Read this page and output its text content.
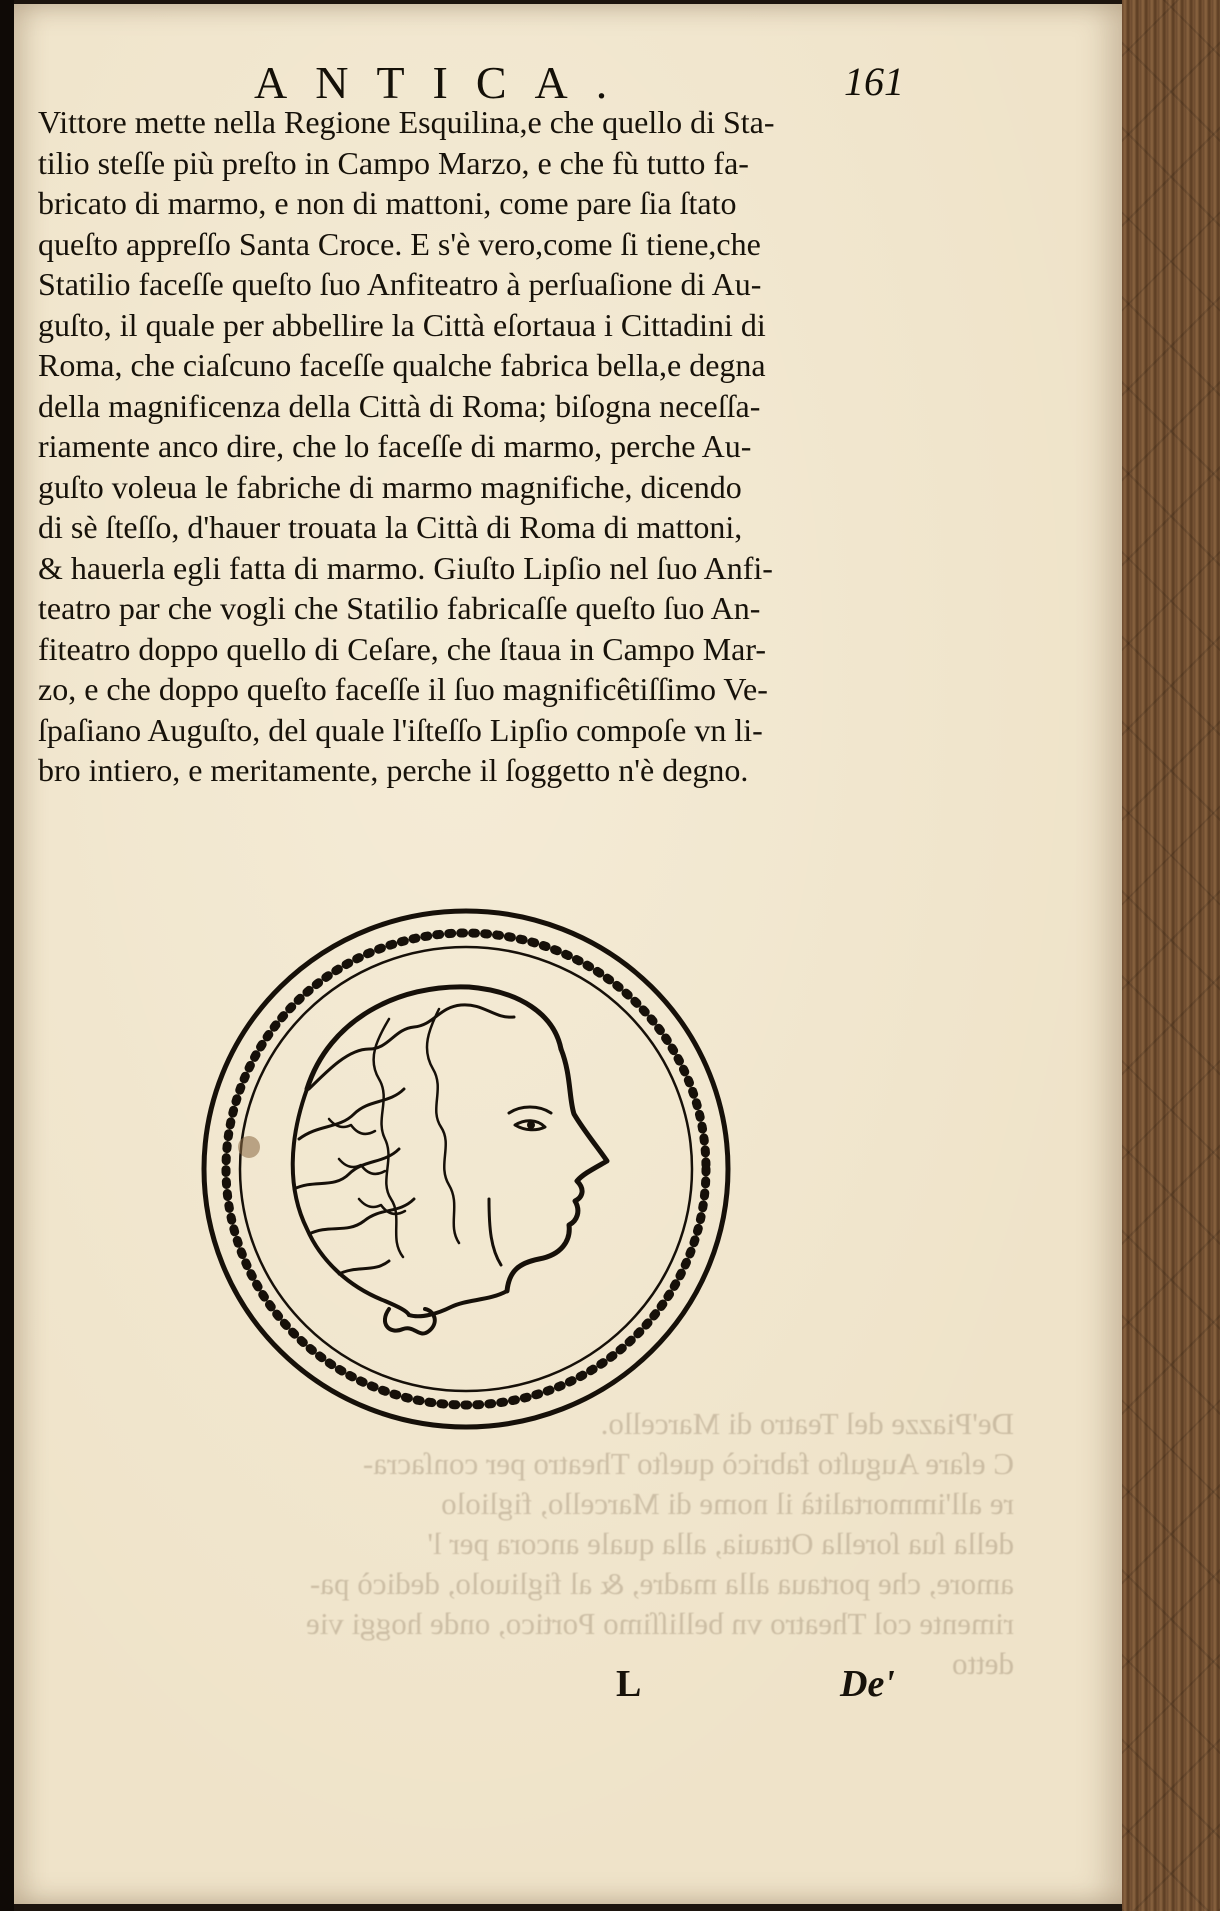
De'Piazze del Teatro di Marcello.
C eſare Auguſto fabricò queſto Theatro per conſacra-
re all'immortalità il nome di Marcello, figliolo
della ſua ſorella Ottauia, alla quale ancora per l'
amore, che portaua alla madre, & al figliuolo, dedicò pa-
rimente col Theatro vn belliſſimo Portico, onde hoggi vie
detto
ANTICA.	161
Vittore mette nella Regione Esquilina,e che quello di Sta-
tilio steſſe più preſto in Campo Marzo, e che fù tutto fa-
bricato di marmo, e non di mattoni, come pare ſia ſtato
queſto appreſſo Santa Croce. E s'è vero,come ſi tiene,che
Statilio faceſſe queſto ſuo Anfiteatro à perſuaſione di Au-
guſto, il quale per abbellire la Città eſortaua i Cittadini di
Roma, che ciaſcuno faceſſe qualche fabrica bella,e degna
della magnificenza della Città di Roma; biſogna neceſſa-
riamente anco dire, che lo faceſſe di marmo, perche Au-
guſto voleua le fabriche di marmo magnifiche, dicendo
di sè ſteſſo, d'hauer trouata la Città di Roma di mattoni,
& hauerla egli fatta di marmo. Giuſto Lipſio nel ſuo Anfi-
teatro par che vogli che Statilio fabricaſſe queſto ſuo An-
fiteatro doppo quello di Ceſare, che ſtaua in Campo Mar-
zo, e che doppo queſto faceſſe il ſuo magnificêtiſſimo Ve-
ſpaſiano Auguſto, del quale l'iſteſſo Lipſio compoſe vn li-
bro intiero, e meritamente, perche il ſoggetto n'è degno.
L	De'
